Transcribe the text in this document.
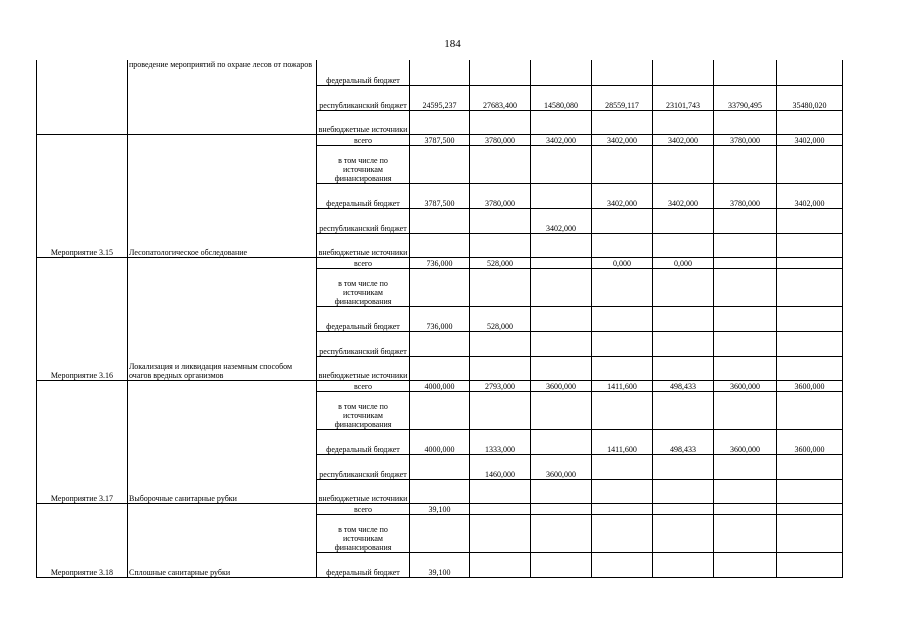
184
	проведение мероприятий по охране лесов от пожаров	федеральный бюджет							
		республиканский бюджет	24595,237	27683,400	14580,080	28559,117	23101,743	33790,495	35480,020
		внебюджетные источники							
Мероприятие 3.15	Лесопатологическое обследование	всего	3787,500	3780,000	3402,000	3402,000	3402,000	3780,000	3402,000
		в том числе по источникам финансирования							
		федеральный бюджет	3787,500	3780,000		3402,000	3402,000	3780,000	3402,000
		республиканский бюджет			3402,000				
		внебюджетные источники							
Мероприятие 3.16	Локализация и ликвидация наземным способом очагов вредных организмов	всего	736,000	528,000		0,000	0,000		
		в том числе по источникам финансирования							
		федеральный бюджет	736,000	528,000					
		республиканский бюджет							
		внебюджетные источники							
Мероприятие 3.17	Выборочные санитарные рубки	всего	4000,000	2793,000	3600,000	1411,600	498,433	3600,000	3600,000
		в том числе по источникам финансирования							
		федеральный бюджет	4000,000	1333,000		1411,600	498,433	3600,000	3600,000
		республиканский бюджет		1460,000	3600,000				
		внебюджетные источники							
Мероприятие 3.18	Сплошные санитарные рубки	всего	39,100						
		в том числе по источникам финансирования							
		федеральный бюджет	39,100						
